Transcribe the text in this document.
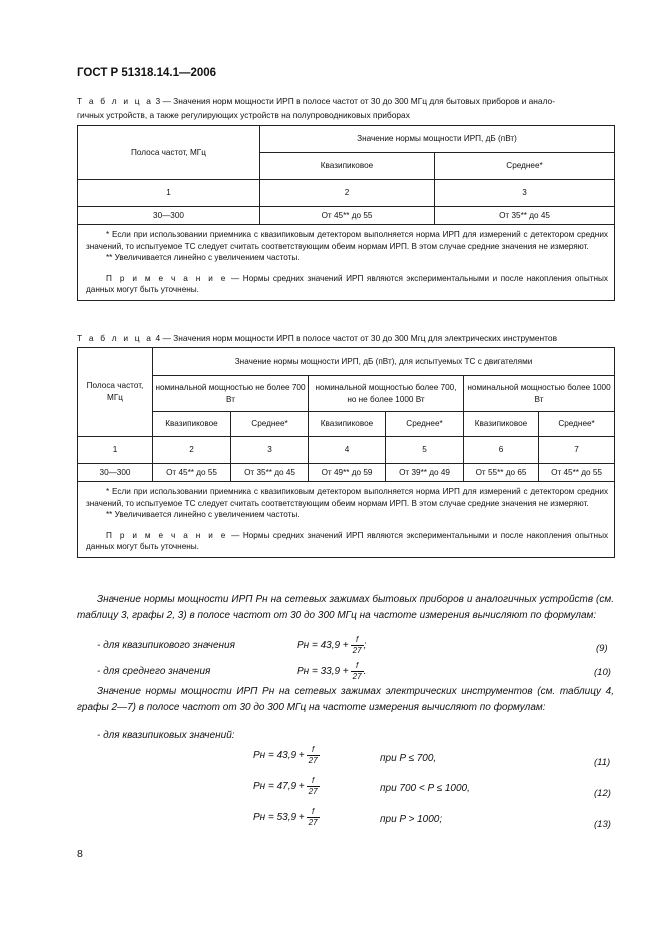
ГОСТ Р 51318.14.1—2006
Т а б л и ц а 3 — Значения норм мощности ИРП в полосе частот от 30 до 300 МГц для бытовых приборов и анало-
гичных устройств, а также регулирующих устройств на полупроводниковых приборах
Полоса частот, МГц	Значение нормы мощности ИРП, дБ (пВт)	
	Квазипиковое	Среднее*
1	2	3
30—300	От 45** до 55	От 35** до 45

* Если при использовании приемника с квазипиковым детектором выполняется норма ИРП для измерений с детектором средних значений, то испытуемое ТС следует считать соответствующим обеим нормам ИРП. В этом случае средние значения не измеряют.

** Увеличивается линейно с увеличением частоты.

П р и м е ч а н и е — Нормы средних значений ИРП являются экспериментальными и после накопления опытных данных могут быть уточнены.		

Т а б л и ц а 4 — Значения норм мощности ИРП в полосе частот от 30 до 300 Мгц для электрических инструментов
Полоса частот, МГц	Значение нормы мощности ИРП, дБ (пВт), для испытуемых ТС с двигателями					
	номинальной мощностью не более 700 Вт		номинальной мощностью более 700, но не более 1000 Вт		номинальной мощностью более 1000 Вт	
	Квазипиковое	Среднее*	Квазипиковое	Среднее*	Квазипиковое	Среднее*
1	2	3	4	5	6	7
30—300	От 45** до 55	От 35** до 45	От 49** до 59	От 39** до 49	От 55** до 65	От 45** до 55

* Если при использовании приемника с квазипиковым детектором выполняется норма ИРП для измерений с детектором средних значений, то испытуемое ТС следует считать соответствующим обеим нормам ИРП. В этом случае средние значения не измеряют.

** Увеличивается линейно с увеличением частоты.

П р и м е ч а н и е — Нормы средних значений ИРП являются экспериментальными и после накопления опытных данных могут быть уточнены.						

Значение нормы мощности ИРП Pн на сетевых зажимах бытовых приборов и аналогичных устройств (см. таблицу 3, графы 2, 3) в полосе частот от 30 до 300 МГц на частоте измерения вычисляют по формулам:
- для квазипикового значения	Pн = $43,9 + \frac{f}{27}$ ;	(9)
- для среднего значения	Pн = $33,9 + \frac{f}{27}$ .	(10)
Значение нормы мощности ИРП Pн на сетевых зажимах электрических инструментов (см. таблицу 4, графы 2—7) в полосе частот от 30 до 300 МГц на частоте измерения вычисляют по формулам:
- для квазипиковых значений:
Pн = $43,9 + \frac{f}{27}$	при P ≤ 700,	(11)
Pн = $47,9 + \frac{f}{27}$	при 700 < P ≤ 1000,	(12)
Pн = $53,9 + \frac{f}{27}$	при P > 1000;	(13)
8
